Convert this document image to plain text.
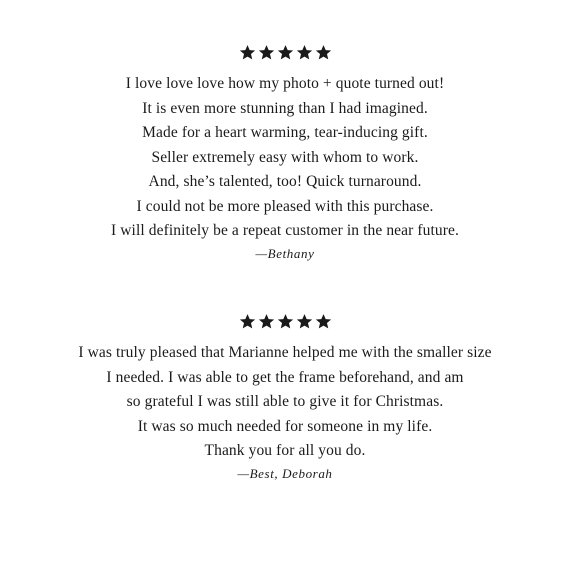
I love love love how my photo + quote turned out!
It is even more stunning than I had imagined.
Made for a heart warming, tear-inducing gift.
Seller extremely easy with whom to work.
And, she’s talented, too! Quick turnaround.
I could not be more pleased with this purchase.
I will definitely be a repeat customer in the near future.
—Bethany
I was truly pleased that Marianne helped me with the smaller size
I needed. I was able to get the frame beforehand, and am
so grateful I was still able to give it for Christmas.
It was so much needed for someone in my life.
Thank you for all you do.
—Best, Deborah
